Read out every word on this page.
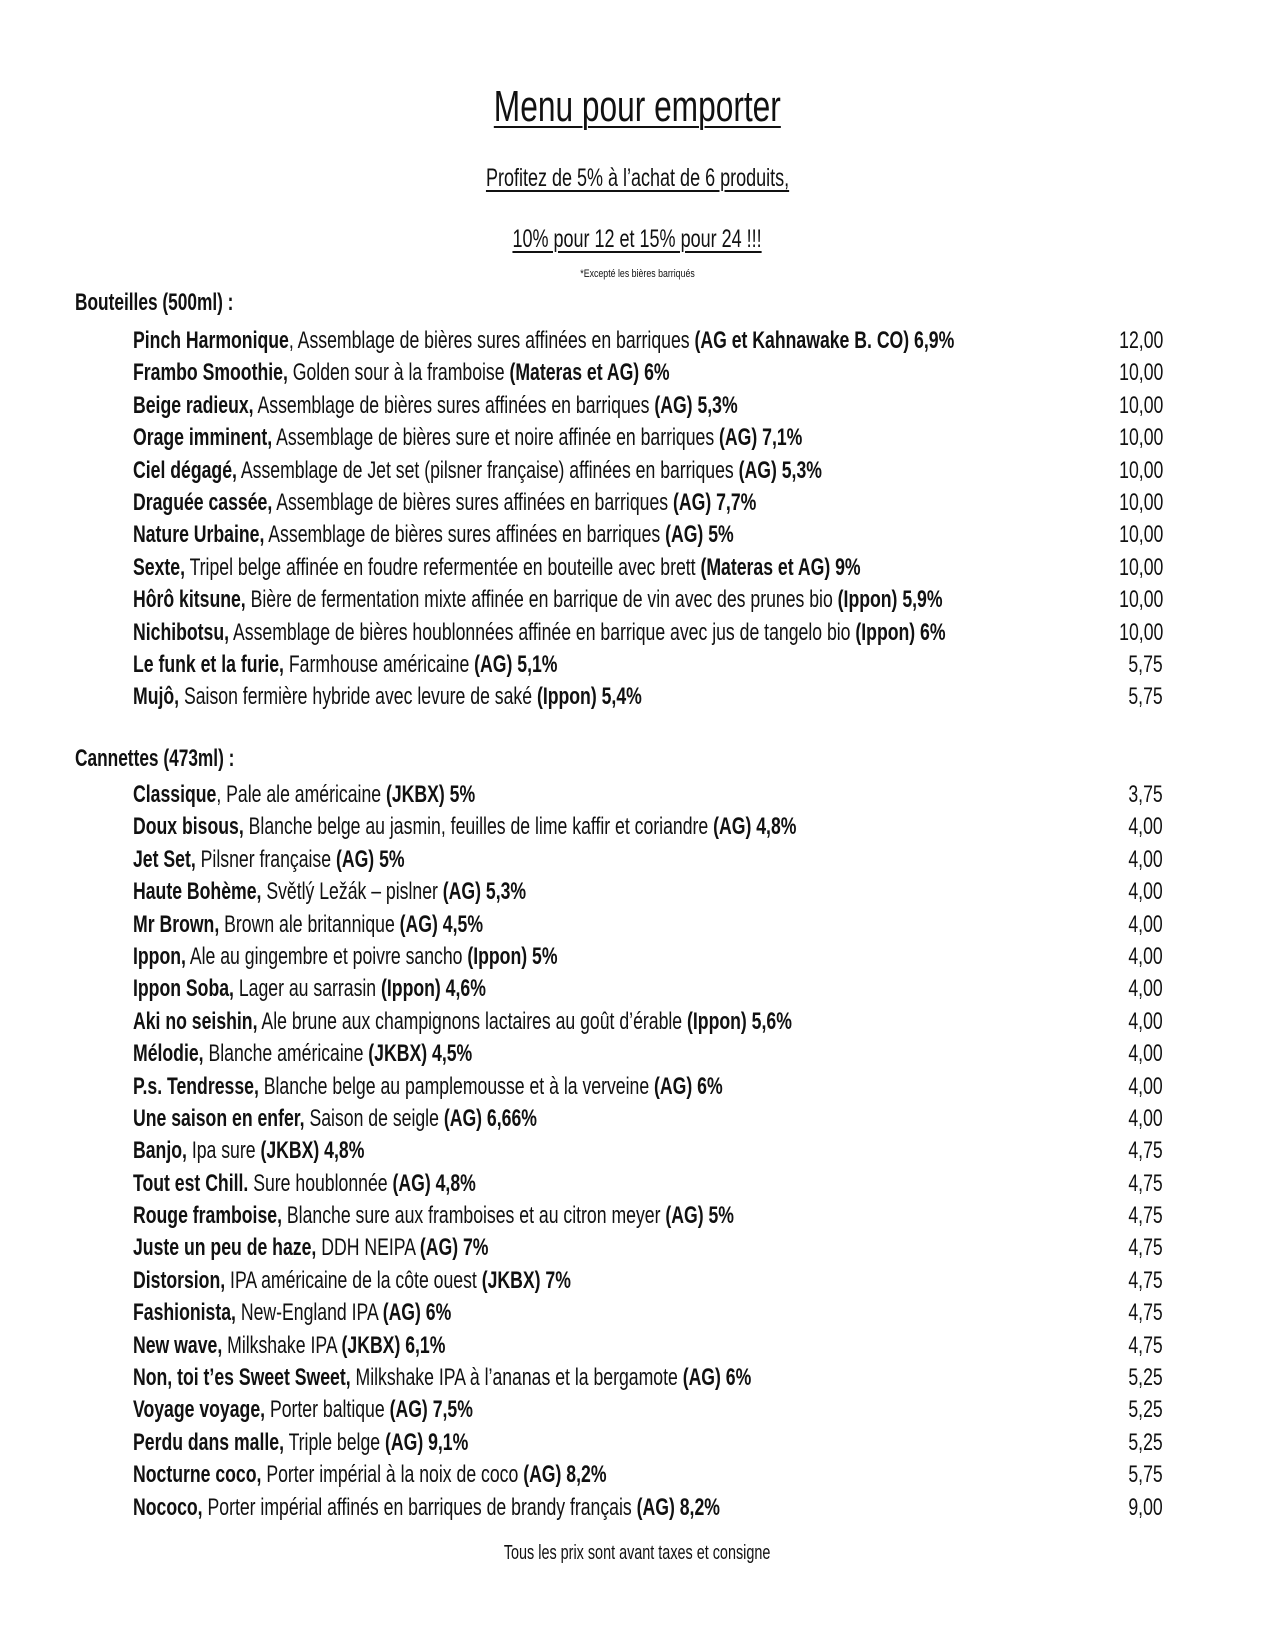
Menu pour emporter
Profitez de 5% à l’achat de 6 produits,
10% pour 12 et 15% pour 24 !!!
*Excepté les bières barriqués
Bouteilles (500ml) :
Pinch Harmonique, Assemblage de bières sures affinées en barriques (AG et Kahnawake B. CO) 6,9%	12,00
Frambo Smoothie, Golden sour à la framboise (Materas et AG) 6%	10,00
Beige radieux, Assemblage de bières sures affinées en barriques (AG) 5,3%	10,00
Orage imminent, Assemblage de bières sure et noire affinée en barriques (AG) 7,1%	10,00
Ciel dégagé, Assemblage de Jet set (pilsner française) affinées en barriques (AG) 5,3%	10,00
Draguée cassée, Assemblage de bières sures affinées en barriques (AG) 7,7%	10,00
Nature Urbaine, Assemblage de bières sures affinées en barriques (AG) 5%	10,00
Sexte, Tripel belge affinée en foudre refermentée en bouteille avec brett (Materas et AG) 9%	10,00
Hôrô kitsune, Bière de fermentation mixte affinée en barrique de vin avec des prunes bio (Ippon) 5,9%	10,00
Nichibotsu, Assemblage de bières houblonnées affinée en barrique avec jus de tangelo bio (Ippon) 6%	10,00
Le funk et la furie, Farmhouse américaine (AG) 5,1%	5,75
Mujô, Saison fermière hybride avec levure de saké (Ippon) 5,4%	5,75
Cannettes (473ml) :
Classique, Pale ale américaine (JKBX) 5%	3,75
Doux bisous, Blanche belge au jasmin, feuilles de lime kaffir et coriandre (AG) 4,8%	4,00
Jet Set, Pilsner française (AG) 5%	4,00
Haute Bohème, Světlý Ležák – pislner (AG) 5,3%	4,00
Mr Brown, Brown ale britannique (AG) 4,5%	4,00
Ippon, Ale au gingembre et poivre sancho (Ippon) 5%	4,00
Ippon Soba, Lager au sarrasin (Ippon) 4,6%	4,00
Aki no seishin, Ale brune aux champignons lactaires au goût d’érable (Ippon) 5,6%	4,00
Mélodie, Blanche américaine (JKBX) 4,5%	4,00
P.s. Tendresse, Blanche belge au pamplemousse et à la verveine (AG) 6%	4,00
Une saison en enfer, Saison de seigle (AG) 6,66%	4,00
Banjo, Ipa sure (JKBX) 4,8%	4,75
Tout est Chill. Sure houblonnée (AG) 4,8%	4,75
Rouge framboise, Blanche sure aux framboises et au citron meyer (AG) 5%	4,75
Juste un peu de haze, DDH NEIPA (AG) 7%	4,75
Distorsion, IPA américaine de la côte ouest (JKBX) 7%	4,75
Fashionista, New-England IPA (AG) 6%	4,75
New wave, Milkshake IPA (JKBX) 6,1%	4,75
Non, toi t’es Sweet Sweet, Milkshake IPA à l’ananas et la bergamote (AG) 6%	5,25
Voyage voyage, Porter baltique (AG) 7,5%	5,25
Perdu dans malle, Triple belge (AG) 9,1%	5,25
Nocturne coco, Porter impérial à la noix de coco (AG) 8,2%	5,75
Nococo, Porter impérial affinés en barriques de brandy français (AG) 8,2%	9,00
Tous les prix sont avant taxes et consigne
